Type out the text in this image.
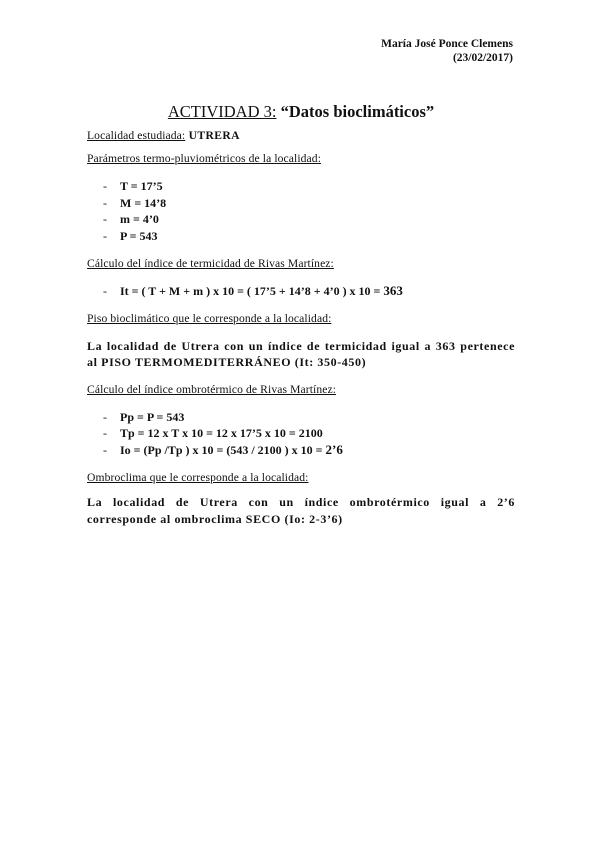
María José Ponce Clemens
(23/02/2017)
ACTIVIDAD 3: “Datos bioclimáticos”

Localidad estudiada: UTRERA

Parámetros termo-pluviométricos de la localidad:

-	T = 17’5
-	M = 14’8
-	m = 4’0
-	P = 543

Cálculo del índice de termicidad de Rivas Martínez:

-	It = ( T + M + m ) x 10 = ( 17’5 + 14’8 + 4’0 ) x 10 = 363

Piso bioclimático que le corresponde a la localidad:

La localidad de Utrera con un índice de termicidad igual a 363 pertenece al PISO TERMOMEDITERRÁNEO (It: 350-450)

Cálculo del índice ombrotérmico de Rivas Martínez:

-	Pp = P = 543
-	Tp = 12 x T x 10 = 12 x 17’5 x 10 = 2100
-	Io = (Pp /Tp ) x 10 = (543 / 2100 ) x 10 = 2’6

Ombroclima que le corresponde a la localidad:

La localidad de Utrera con un índice ombrotérmico igual a 2’6 corresponde al ombroclima SECO (Io: 2-3’6)
